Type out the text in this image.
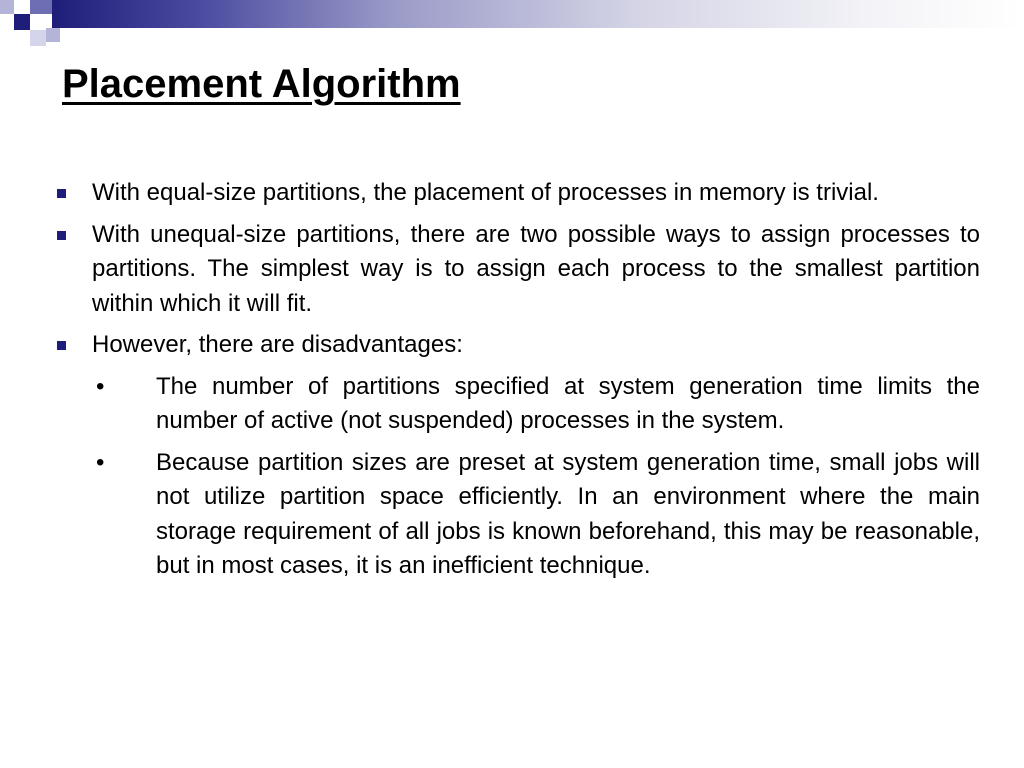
Placement Algorithm
With equal-size partitions, the placement of processes in memory is trivial.
With unequal-size partitions, there are two possible ways to assign processes to partitions. The simplest way is to assign each process to the smallest partition within which it will fit.
However, there are disadvantages:
• The number of partitions specified at system generation time limits the number of active (not suspended) processes in the system.
• Because partition sizes are preset at system generation time, small jobs will not utilize partition space efficiently. In an environment where the main storage requirement of all jobs is known beforehand, this may be reasonable, but in most cases, it is an inefficient technique.
